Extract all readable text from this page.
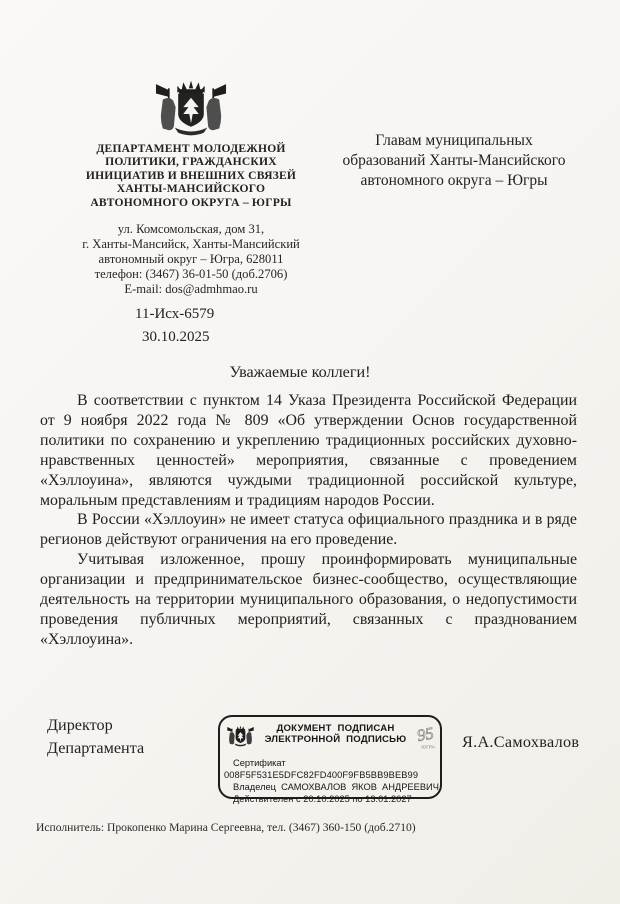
ДЕПАРТАМЕНТ МОЛОДЕЖНОЙ
ПОЛИТИКИ, ГРАЖДАНСКИХ
ИНИЦИАТИВ И ВНЕШНИХ СВЯЗЕЙ
ХАНТЫ-МАНСИЙСКОГО
АВТОНОМНОГО ОКРУГА – ЮГРЫ
ул. Комсомольская, дом 31,
г. Ханты-Мансийск, Ханты-Мансийский
автономный округ – Югра, 628011
телефон: (3467) 36-01-50 (доб.2706)
E-mail: dos@admhmao.ru
Главам муниципальных
образований Ханты-Мансийского
автономного округа – Югры
11-Исх-6579
30.10.2025
Уважаемые коллеги!

В соответствии с пунктом 14 Указа Президента Российской Федерации от 9 ноября 2022 года № 809 «Об утверждении Основ государственной политики по сохранению и укреплению традиционных российских духовно-нравственных ценностей» мероприятия, связанные с проведением «Хэллоуина», являются чуждыми традиционной российской культуре, моральным представлениям и традициям народов России.

В России «Хэллоуин» не имеет статуса официального праздника и в ряде регионов действуют ограничения на его проведение.

Учитывая изложенное, прошу проинформировать муниципальные организации и предпринимательское бизнес-сообщество, осуществляющие деятельность на территории муниципального образования, о недопустимости проведения публичных мероприятий, связанных с празднованием «Хэллоуина».

Директор
Департамента
ДОКУМЕНТ ПОДПИСАН
ЭЛЕКТРОННОЙ ПОДПИСЬЮ 95
ЮГРА
Сертификат
008F5F531E5DFC82FD400F9FB5BB9BEB99
Владелец САМОХВАЛОВ ЯКОВ АНДРЕЕВИЧ
Действителен с 20.10.2025 по 13.01.2027
Я.А.Самохвалов
Исполнитель: Прокопенко Марина Сергеевна, тел. (3467) 360-150 (доб.2710)
